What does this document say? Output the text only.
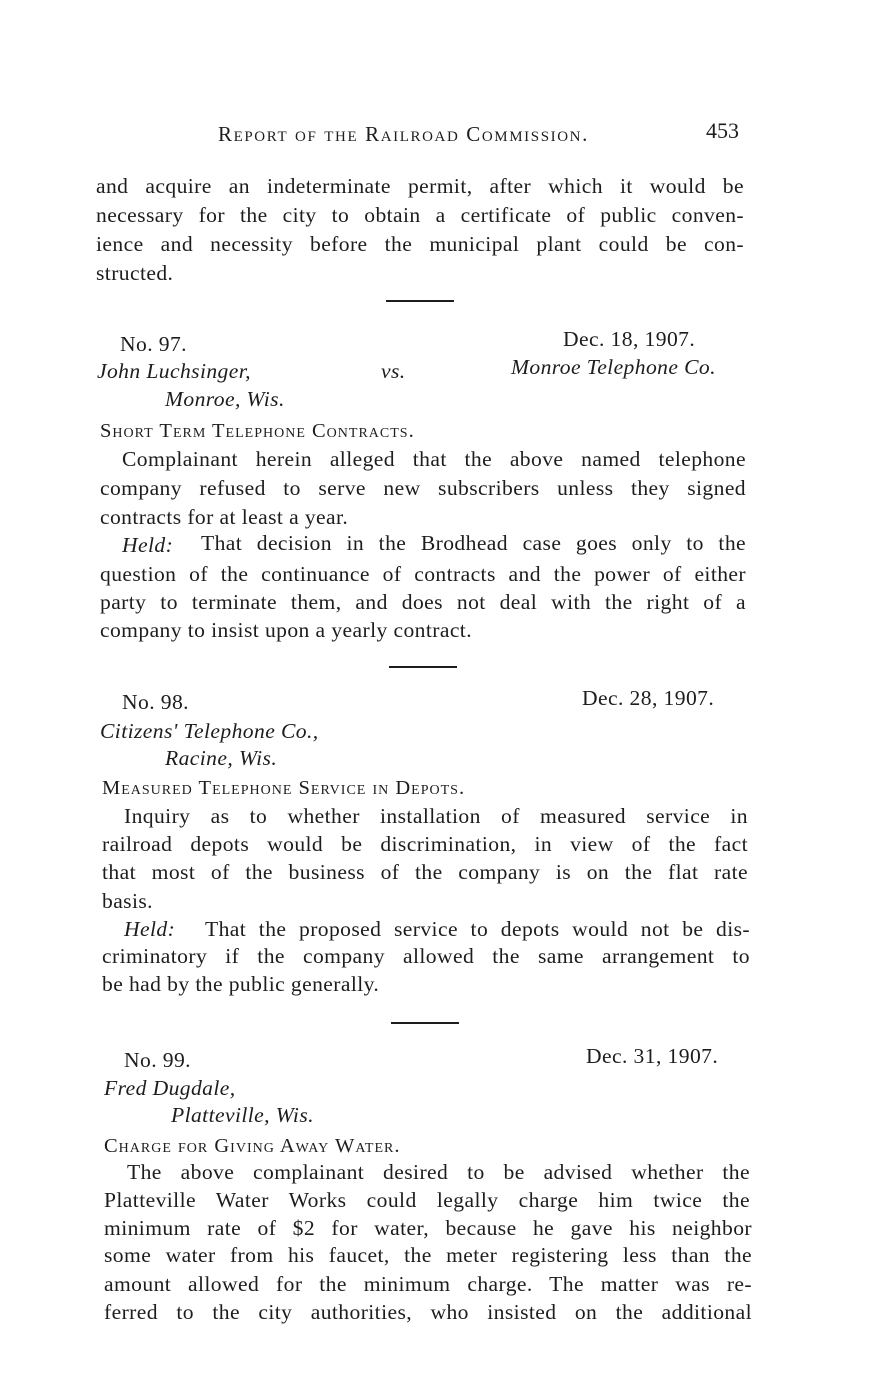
Report of the Railroad Commission.	453
and acquire an indeterminate permit, after which it would be
necessary for the city to obtain a certificate of public conven-
ience and necessity before the municipal plant could be con-
structed.
No. 97.	Dec. 18, 1907.
John Luchsinger,	vs.	Monroe Telephone Co.
Monroe, Wis.
Short Term Telephone Contracts.
Complainant herein alleged that the above named telephone
company refused to serve new subscribers unless they signed
contracts for at least a year.
Held: That decision in the Brodhead case goes only to the
question of the continuance of contracts and the power of either
party to terminate them, and does not deal with the right of a
company to insist upon a yearly contract.
No. 98.	Dec. 28, 1907.
Citizens' Telephone Co.,
Racine, Wis.
Measured Telephone Service in Depots.
Inquiry as to whether installation of measured service in
railroad depots would be discrimination, in view of the fact
that most of the business of the company is on the flat rate
basis.
Held: That the proposed service to depots would not be dis-
criminatory if the company allowed the same arrangement to
be had by the public generally.
No. 99.	Dec. 31, 1907.
Fred Dugdale,
Platteville, Wis.
Charge for Giving Away Water.
The above complainant desired to be advised whether the
Platteville Water Works could legally charge him twice the
minimum rate of $2 for water, because he gave his neighbor
some water from his faucet, the meter registering less than the
amount allowed for the minimum charge. The matter was re-
ferred to the city authorities, who insisted on the additional
